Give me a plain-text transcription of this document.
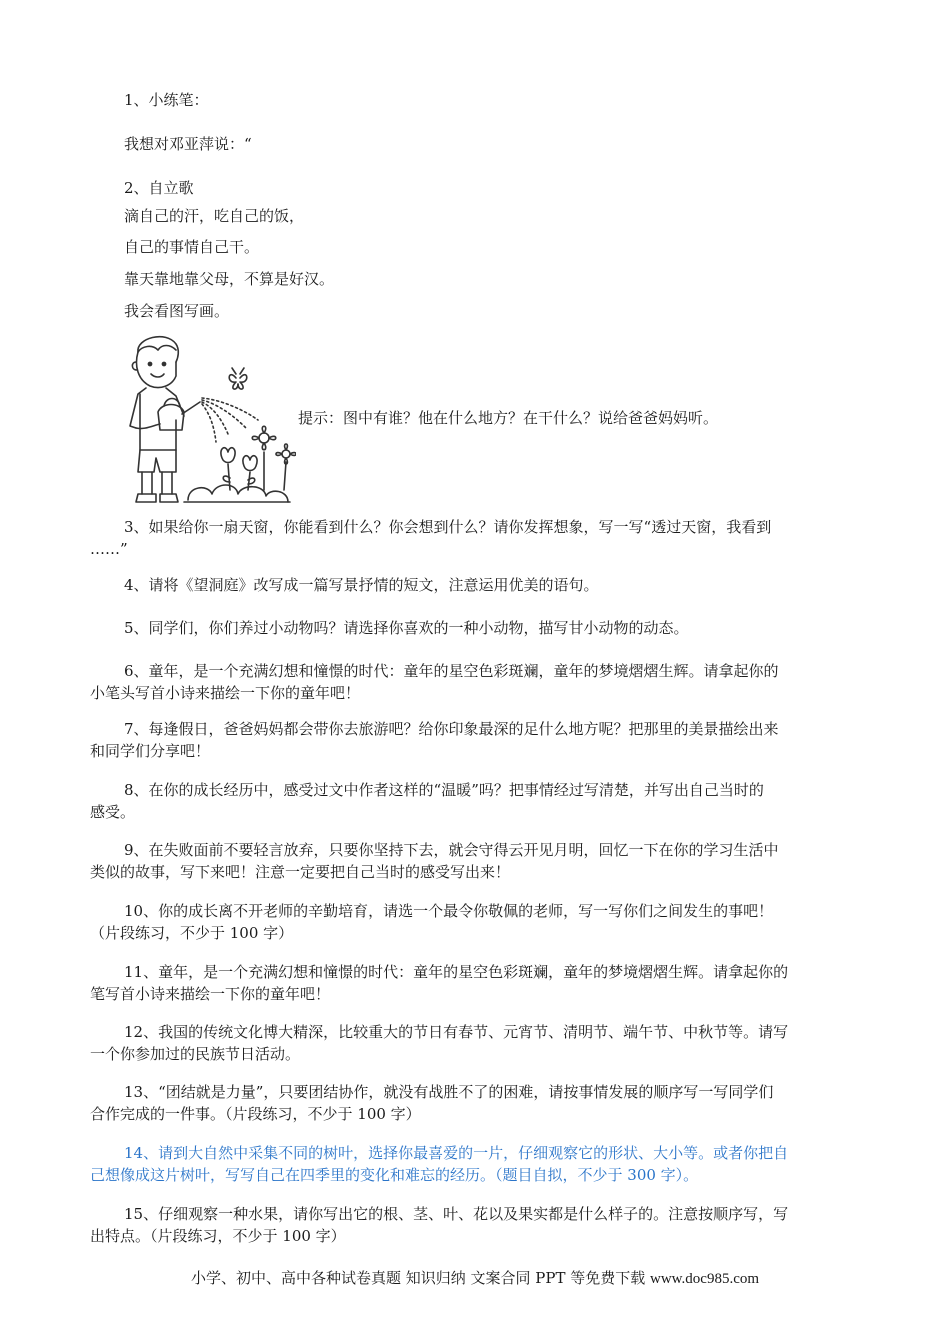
1、小练笔：
我想对邓亚萍说：“
2、自立歌
滴自己的汗，吃自己的饭，
自己的事情自己干。
靠天靠地靠父母，不算是好汉。
我会看图写画。
提示：图中有谁？他在什么地方？在干什么？说给爸爸妈妈听。

3、如果给你一扇天窗，你能看到什么？你会想到什么？请你发挥想象，写一写“透过天窗，我看到

……”

4、请将《望洞庭》改写成一篇写景抒情的短文，注意运用优美的语句。

5、同学们，你们养过小动物吗？请选择你喜欢的一种小动物，描写甘小动物的动态。

6、童年，是一个充满幻想和憧憬的时代：童年的星空色彩斑斓，童年的梦境熠熠生辉。请拿起你的

小笔头写首小诗来描绘一下你的童年吧！

7、每逢假日，爸爸妈妈都会带你去旅游吧？给你印象最深的足什么地方呢？把那里的美景描绘出来

和同学们分享吧！

8、在你的成长经历中，感受过文中作者这样的“温暖”吗？把事情经过写清楚，并写出自己当时的

感受。

9、在失败面前不要轻言放弃，只要你坚持下去，就会守得云开见月明，回忆一下在你的学习生活中

类似的故事，写下来吧！注意一定要把自己当时的感受写出来！

10、你的成长离不开老师的辛勤培育，请选一个最令你敬佩的老师，写一写你们之间发生的事吧！

（片段练习，不少于 100 字）

11、童年，是一个充满幻想和憧憬的时代：童年的星空色彩斑斓，童年的梦境熠熠生辉。请拿起你的

笔写首小诗来描绘一下你的童年吧！

12、我国的传统文化博大精深，比较重大的节日有春节、元宵节、清明节、端午节、中秋节等。请写

一个你参加过的民族节日活动。

13、“团结就是力量”，只要团结协作，就没有战胜不了的困难，请按事情发展的顺序写一写同学们

合作完成的一件事。（片段练习，不少于 100 字）

14、请到大自然中采集不同的树叶，选择你最喜爱的一片，仔细观察它的形状、大小等。或者你把自

己想像成这片树叶，写写自己在四季里的变化和难忘的经历。（题目自拟，不少于 300 字）。

15、仔细观察一种水果，请你写出它的根、茎、叶、花以及果实都是什么样子的。注意按顺序写，写

出特点。（片段练习，不少于 100 字）

小学、初中、高中各种试卷真题 知识归纳 文案合同 PPT 等免费下载 www.doc985.com
